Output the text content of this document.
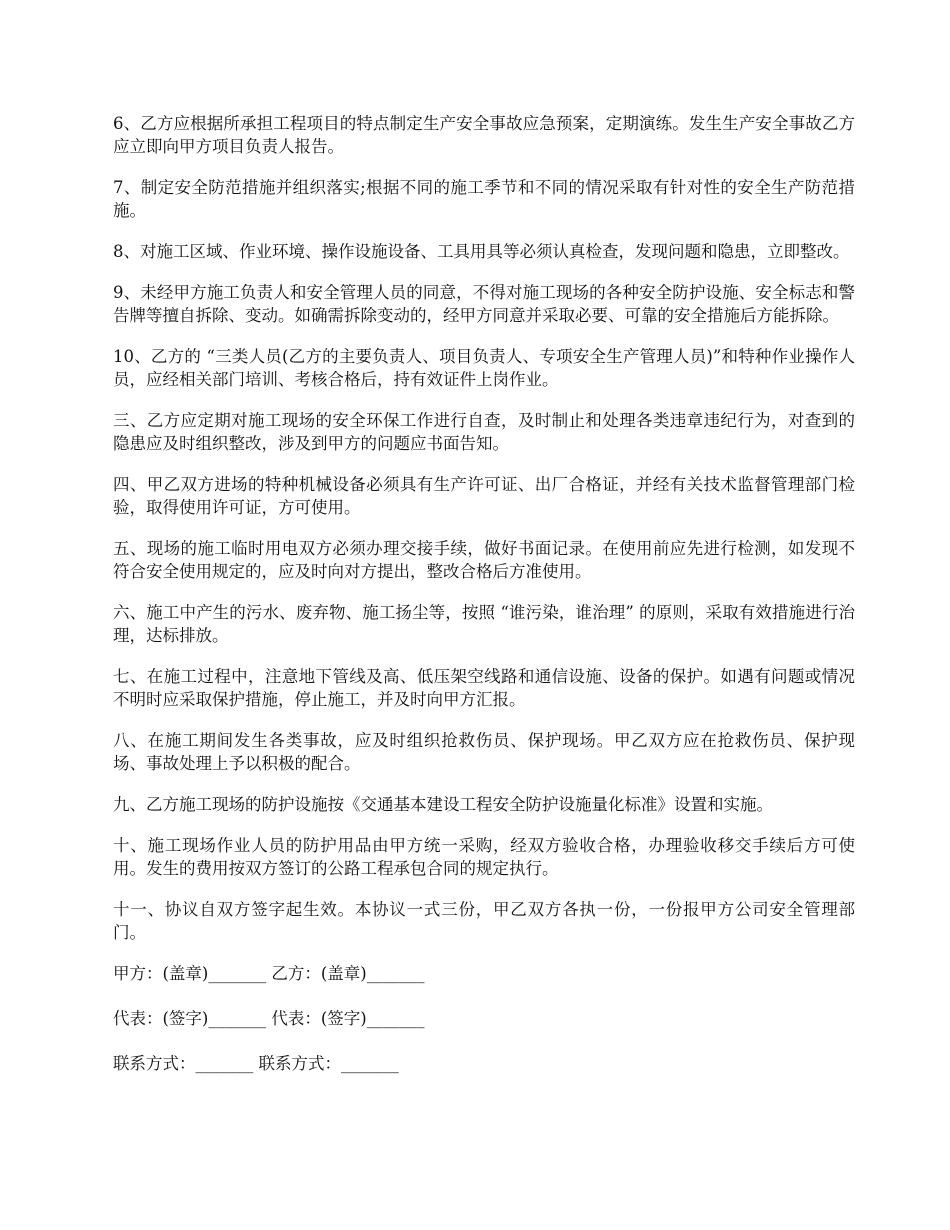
6、乙方应根据所承担工程项目的特点制定生产安全事故应急预案，定期演练。发生生产安全事故乙方应立即向甲方项目负责人报告。

7、制定安全防范措施并组织落实;根据不同的施工季节和不同的情况采取有针对性的安全生产防范措施。

8、对施工区域、作业环境、操作设施设备、工具用具等必须认真检查，发现问题和隐患，立即整改。

9、未经甲方施工负责人和安全管理人员的同意，不得对施工现场的各种安全防护设施、安全标志和警告牌等擅自拆除、变动。如确需拆除变动的，经甲方同意并采取必要、可靠的安全措施后方能拆除。

10、乙方的 “三类人员(乙方的主要负责人、项目负责人、专项安全生产管理人员)”和特种作业操作人员，应经相关部门培训、考核合格后，持有效证件上岗作业。

三、乙方应定期对施工现场的安全环保工作进行自查，及时制止和处理各类违章违纪行为，对查到的隐患应及时组织整改，涉及到甲方的问题应书面告知。

四、甲乙双方进场的特种机械设备必须具有生产许可证、出厂合格证，并经有关技术监督管理部门检验，取得使用许可证，方可使用。

五、现场的施工临时用电双方必须办理交接手续，做好书面记录。在使用前应先进行检测，如发现不符合安全使用规定的，应及时向对方提出，整改合格后方准使用。

六、施工中产生的污水、废弃物、施工扬尘等，按照 “谁污染，谁治理” 的原则，采取有效措施进行治理，达标排放。

七、在施工过程中，注意地下管线及高、低压架空线路和通信设施、设备的保护。如遇有问题或情况不明时应采取保护措施，停止施工，并及时向甲方汇报。

八、在施工期间发生各类事故，应及时组织抢救伤员、保护现场。甲乙双方应在抢救伤员、保护现场、事故处理上予以积极的配合。

九、乙方施工现场的防护设施按《交通基本建设工程安全防护设施量化标准》设置和实施。

十、施工现场作业人员的防护用品由甲方统一采购，经双方验收合格，办理验收移交手续后方可使用。发生的费用按双方签订的公路工程承包合同的规定执行。

十一、协议自双方签字起生效。本协议一式三份，甲乙双方各执一份，一份报甲方公司安全管理部门。

甲方：(盖章)_______ 乙方：(盖章)_______
代表：(签字)_______ 代表：(签字)_______
联系方式：_______ 联系方式：_______
